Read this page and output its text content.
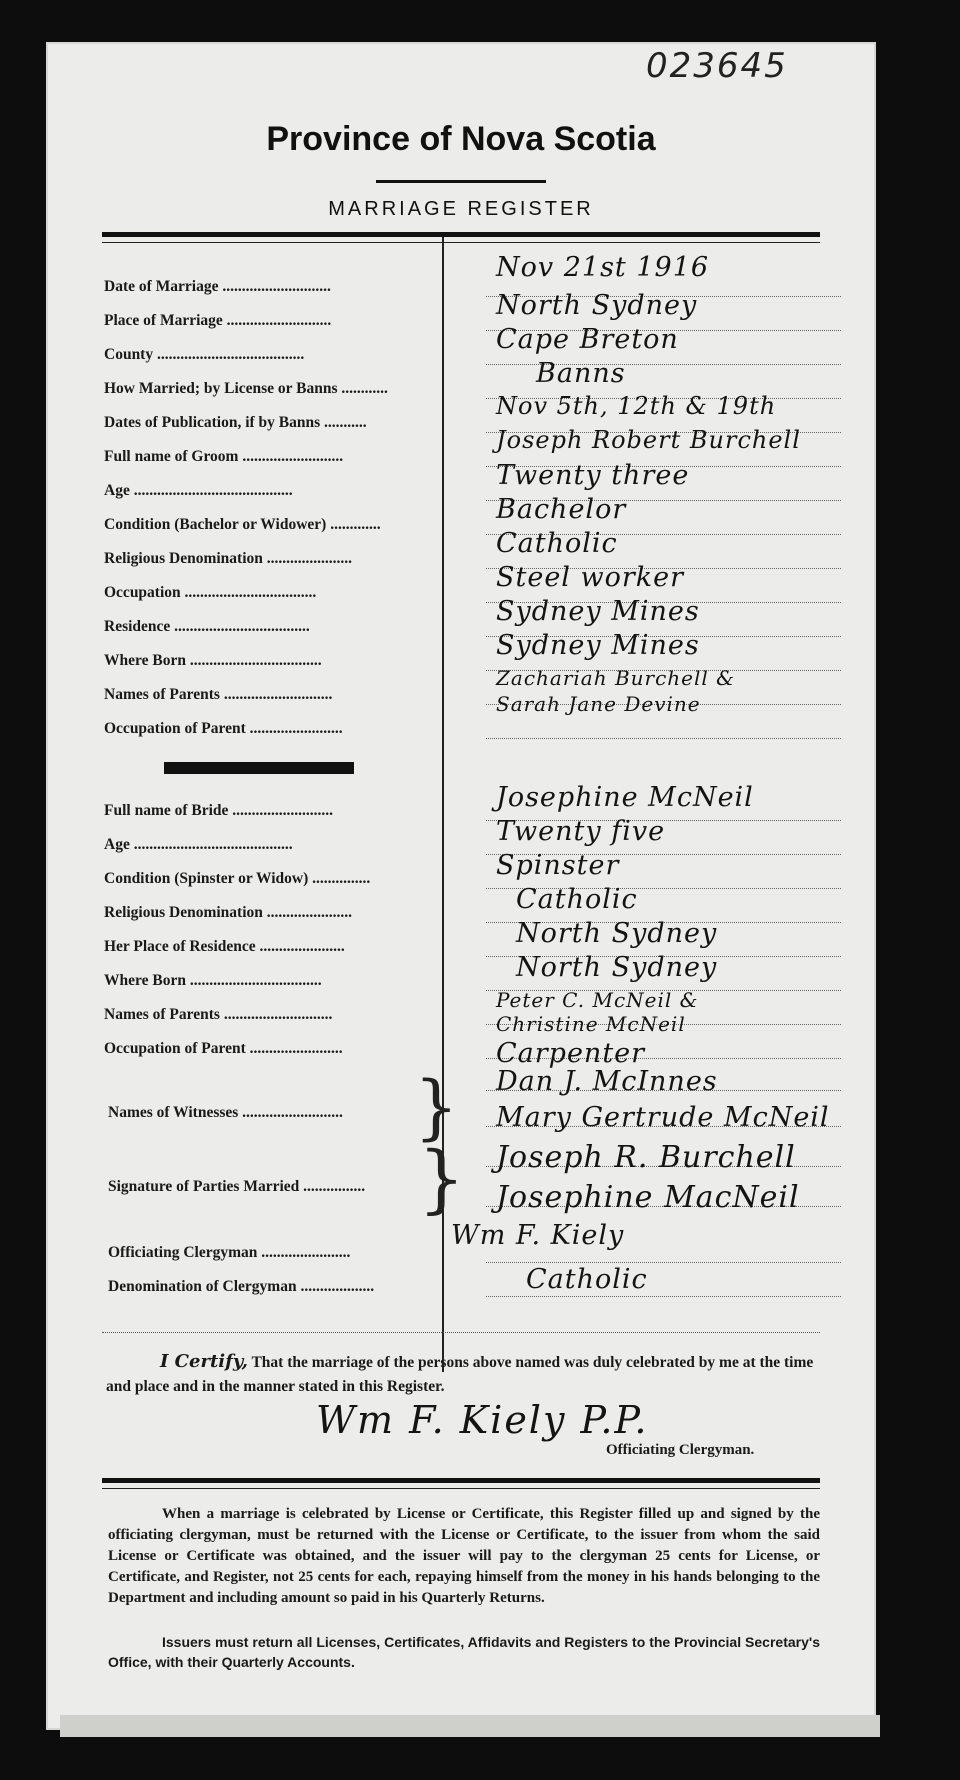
023645
Province of Nova Scotia
MARRIAGE REGISTER
Date of Marriage ............................
Place of Marriage ...........................
County ......................................
How Married; by License or Banns ............
Dates of Publication, if by Banns ...........
Full name of Groom ..........................
Age .........................................
Condition (Bachelor or Widower) .............
Religious Denomination ......................
Occupation ..................................
Residence ...................................
Where Born ..................................
Names of Parents ............................
Occupation of Parent ........................
Nov 21st 1916
North Sydney
Cape Breton
Banns
Nov 5th, 12th & 19th
Joseph Robert Burchell
Twenty three
Bachelor
Catholic
Steel worker
Sydney Mines
Sydney Mines
Zachariah Burchell &
Sarah Jane Devine
Full name of Bride ..........................
Age .........................................
Condition (Spinster or Widow) ...............
Religious Denomination ......................
Her Place of Residence ......................
Where Born ..................................
Names of Parents ............................
Occupation of Parent ........................
Josephine McNeil
Twenty five
Spinster
Catholic
North Sydney
North Sydney
Peter C. McNeil &
Christine McNeil
Carpenter
Names of Witnesses ..........................	} Dan J. McInnes
Mary Gertrude McNeil
Signature of Parties Married ................ } Joseph R. Burchell
Josephine MacNeil
Officiating Clergyman .......................
Denomination of Clergyman ...................
Wm F. Kiely
Catholic
I Certify, That the marriage of the persons above named was duly celebrated by me at the time and place and in the manner stated in this Register.
Wm F. Kiely P.P.
Officiating Clergyman.
When a marriage is celebrated by License or Certificate, this Register filled up and signed by the officiating clergyman, must be returned with the License or Certificate, to the issuer from whom the said License or Certificate was obtained, and the issuer will pay to the clergyman 25 cents for License, or Certificate, and Register, not 25 cents for each, repaying himself from the money in his hands belonging to the Department and including amount so paid in his Quarterly Returns.
Issuers must return all Licenses, Certificates, Affidavits and Registers to the Provincial Secretary's Office, with their Quarterly Accounts.
